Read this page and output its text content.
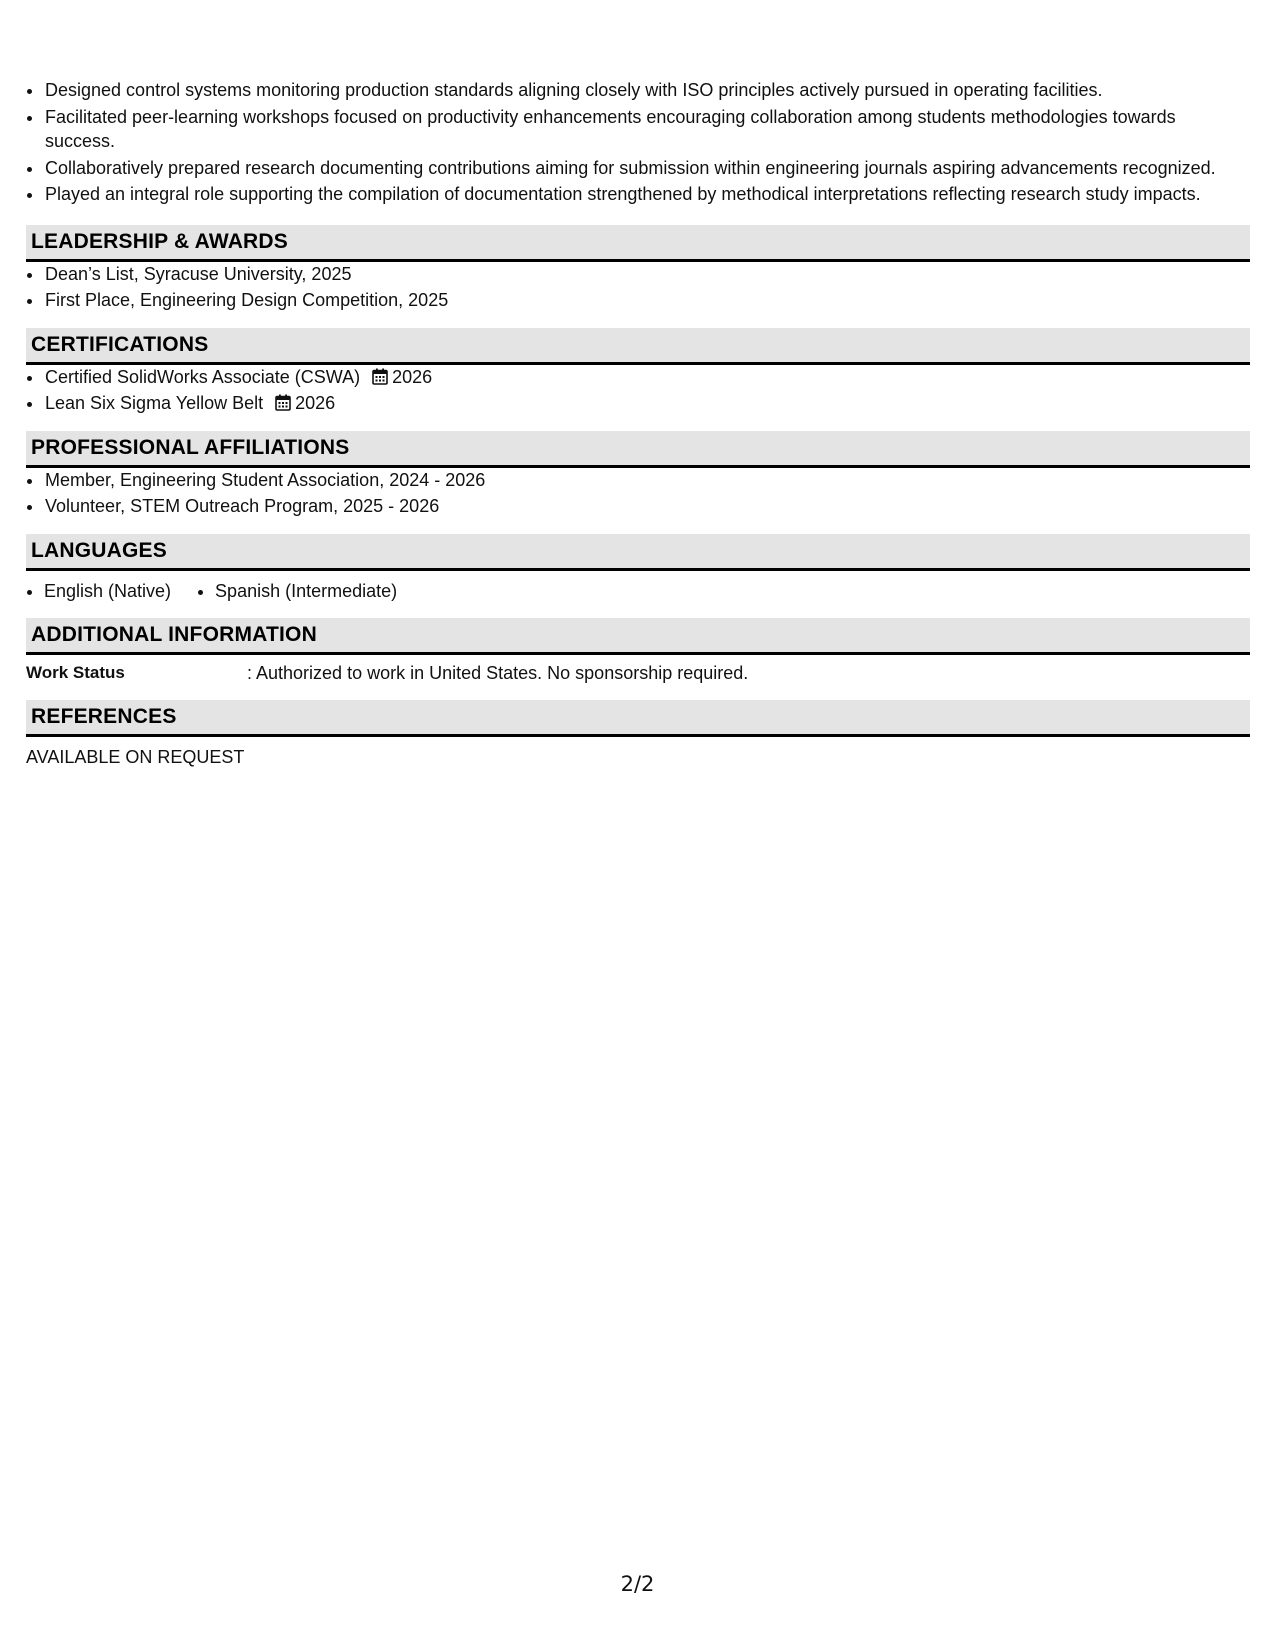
• Designed control systems monitoring production standards aligning closely with ISO principles actively pursued in operating facilities.
• Facilitated peer-learning workshops focused on productivity enhancements encouraging collaboration among students methodologies towards success.
• Collaboratively prepared research documenting contributions aiming for submission within engineering journals aspiring advancements recognized.
• Played an integral role supporting the compilation of documentation strengthened by methodical interpretations reflecting research study impacts.
LEADERSHIP & AWARDS
• Dean’s List, Syracuse University, 2025
• First Place, Engineering Design Competition, 2025
CERTIFICATIONS
• Certified SolidWorks Associate (CSWA) 2026
• Lean Six Sigma Yellow Belt 2026
PROFESSIONAL AFFILIATIONS
• Member, Engineering Student Association, 2024 - 2026
• Volunteer, STEM Outreach Program, 2025 - 2026
LANGUAGES
• English (Native)
• Spanish (Intermediate)
ADDITIONAL INFORMATION
Work Status	: Authorized to work in United States. No sponsorship required.
REFERENCES
AVAILABLE ON REQUEST
2/2
